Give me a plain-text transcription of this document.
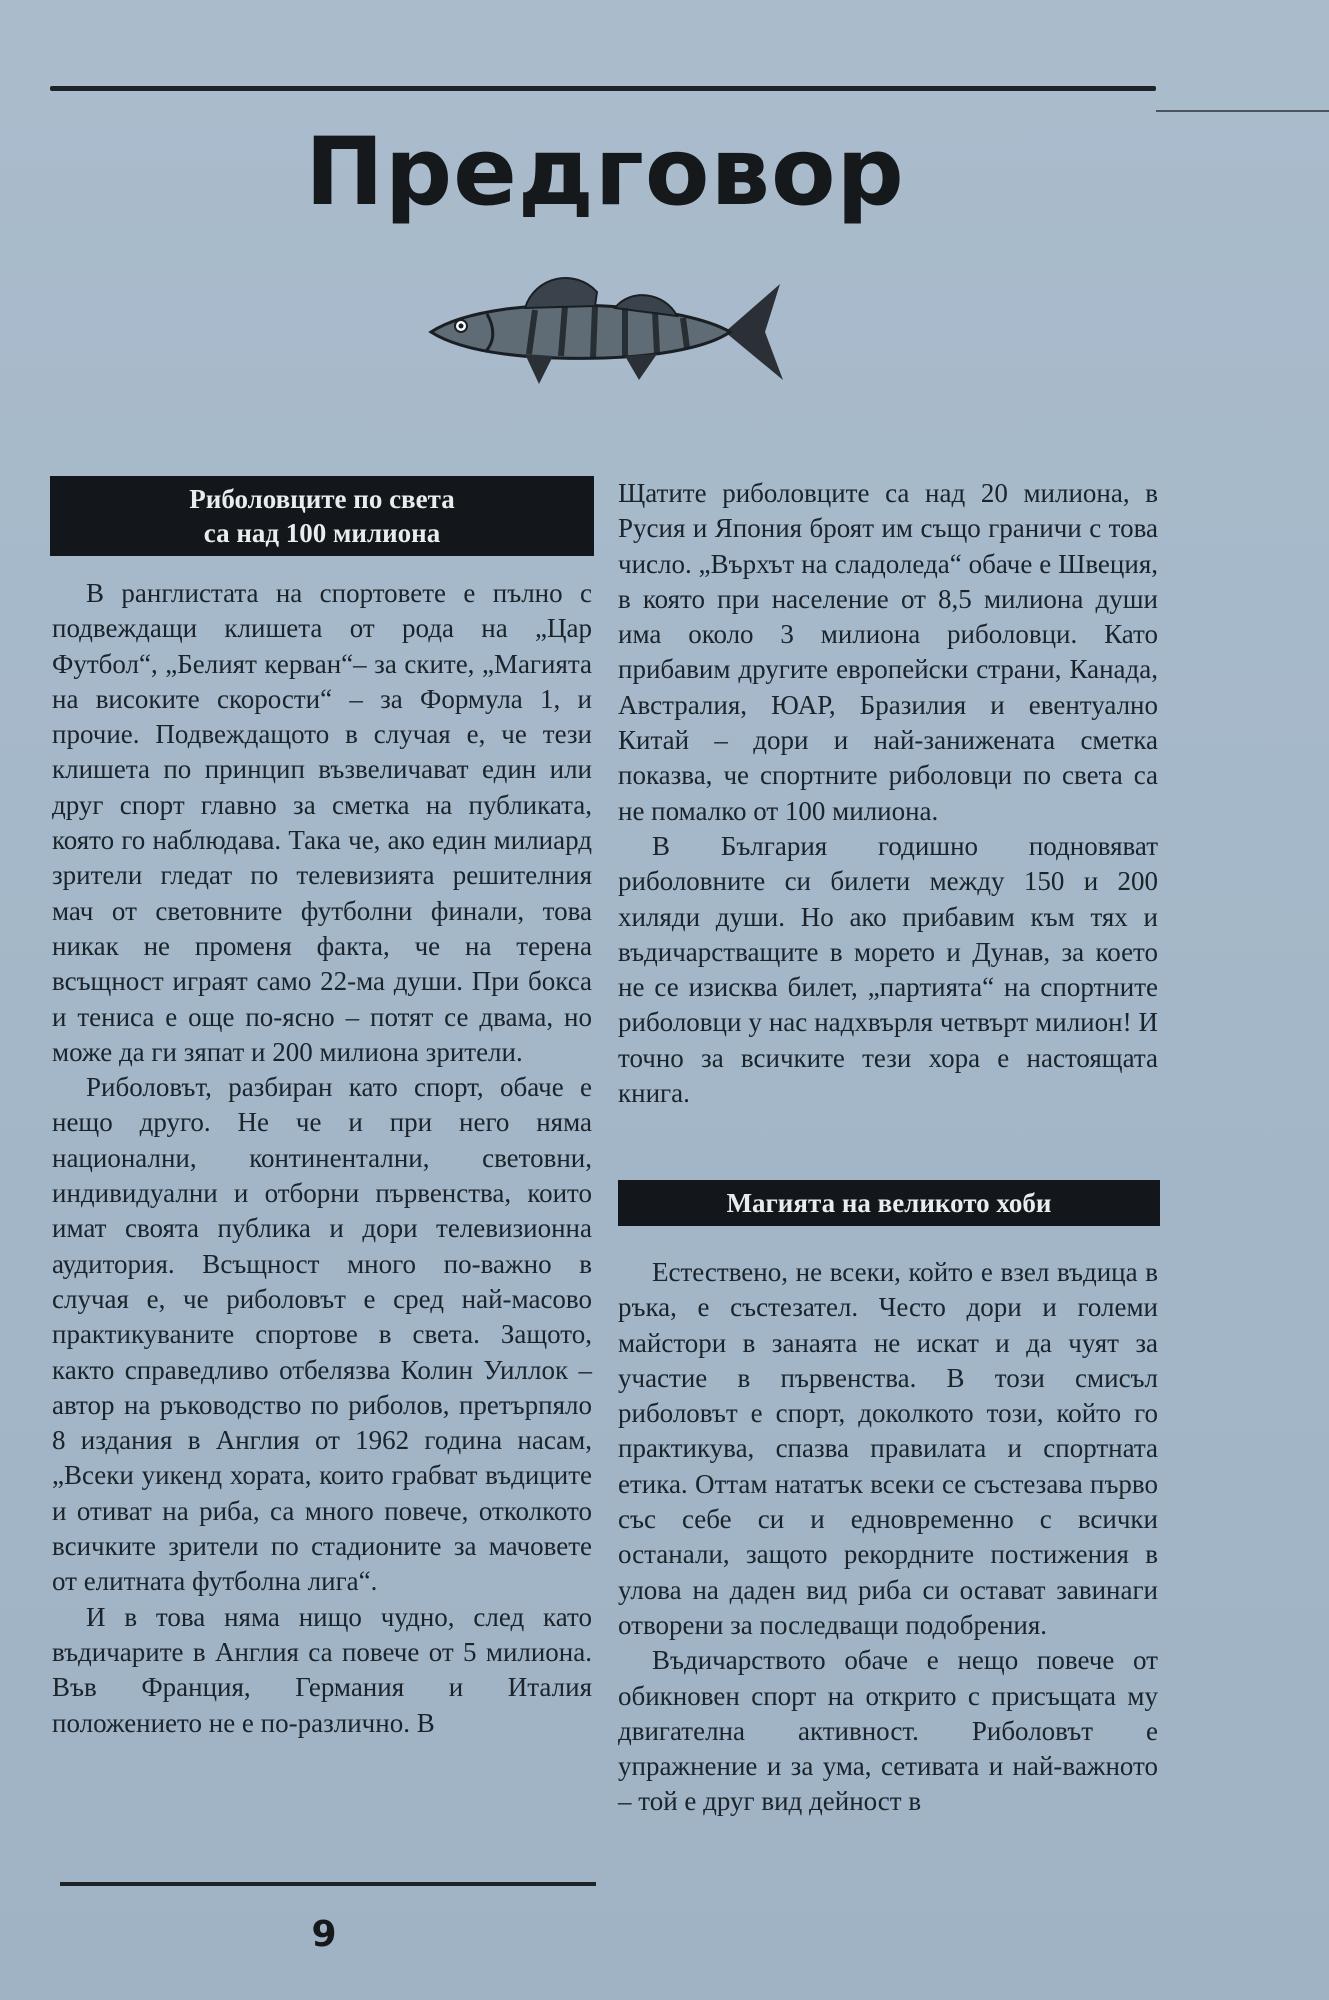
Предговор
Риболовците по света
са над 100 милиона

В ранглистата на спортовете е пълно с подвеждащи клишета от рода на „Цар Футбол“, „Белият керван“– за ските, „Магията на високите скорости“ – за Формула 1, и прочие. Подвеждащото в случая е, че тези клишета по принцип възвеличават един или друг спорт главно за сметка на публиката, която го наблюдава. Така че, ако един милиард зрители гледат по телевизията решителния мач от световните футболни финали, това никак не променя факта, че на терена всъщност играят само 22-ма души. При бокса и тениса е още по-ясно – потят се двама, но може да ги зяпат и 200 милиона зрители.

Риболовът, разбиран като спорт, обаче е нещо друго. Не че и при него няма национални, континентални, световни, индивидуални и отборни първенства, които имат своята публика и дори телевизионна аудитория. Всъщност много по-важно в случая е, че риболовът е сред най-масово практикуваните спортове в света. Защото, както справедливо отбелязва Колин Уиллок – автор на ръководство по риболов, претърпяло 8 издания в Англия от 1962 година насам, „Всеки уикенд хората, които грабват въдиците и отиват на риба, са много повече, отколкото всичките зрители по стадионите за мачовете от елитната футболна лига“.

И в това няма нищо чудно, след като въдичарите в Англия са повече от 5 милиона. Във Франция, Германия и Италия положението не е по-различно. В

Щатите риболовците са над 20 милиона, в Русия и Япония броят им също граничи с това число. „Върхът на сладоледа“ обаче е Швеция, в която при население от 8,5 милиона души има около 3 милиона риболовци. Като прибавим другите европейски страни, Канада, Австралия, ЮАР, Бразилия и евентуално Китай – дори и най-занижената сметка показва, че спортните риболовци по света са не помалко от 100 милиона.

В България годишно подновяват риболовните си билети между 150 и 200 хиляди души. Но ако прибавим към тях и въдичарстващите в морето и Дунав, за което не се изисква билет, „партията“ на спортните риболовци у нас надхвърля четвърт милион! И точно за всичките тези хора е настоящата книга.

Магията на великото хоби

Естествено, не всеки, който е взел въдица в ръка, е състезател. Често дори и големи майстори в занаята не искат и да чуят за участие в първенства. В този смисъл риболовът е спорт, доколкото този, който го практикува, спазва правилата и спортната етика. Оттам нататък всеки се състезава първо със себе си и едновременно с всички останали, защото рекордните постижения в улова на даден вид риба си остават завинаги отворени за последващи подобрения.

Въдичарството обаче е нещо повече от обикновен спорт на открито с присъщата му двигателна активност. Риболовът е упражнение и за ума, сетивата и най-важното – той е друг вид дейност в

9
